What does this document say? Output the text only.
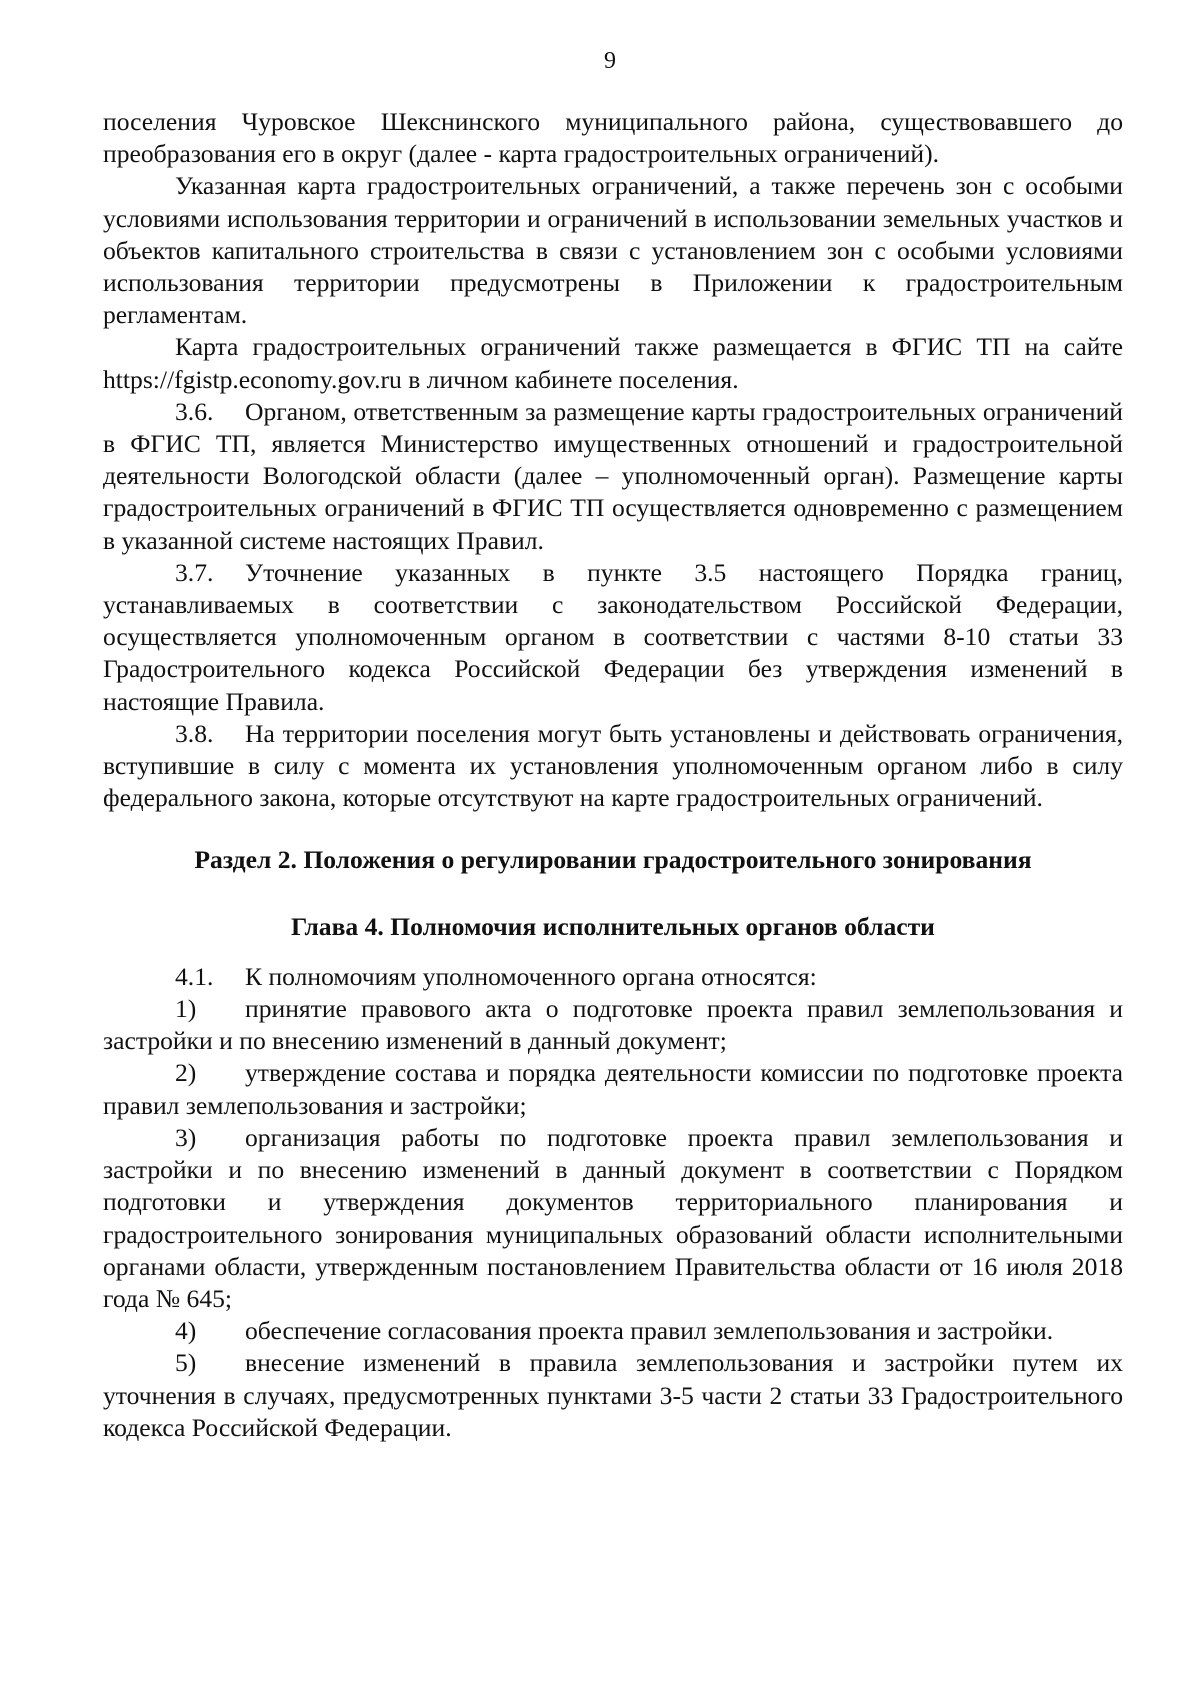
9

поселения Чуровское Шекснинского муниципального района, существовавшего до преобразования его в округ (далее - карта градостроительных ограничений).

Указанная карта градостроительных ограничений, а также перечень зон с особыми условиями использования территории и ограничений в использовании земельных участков и объектов капитального строительства в связи с установлением зон с особыми условиями использования территории предусмотрены в Приложении к градостроительным регламентам.

Карта градостроительных ограничений также размещается в ФГИС ТП на сайте https://fgistp.economy.gov.ru в личном кабинете поселения.

3.6. Органом, ответственным за размещение карты градостроительных ограничений в ФГИС ТП, является Министерство имущественных отношений и градостроительной деятельности Вологодской области (далее – уполномоченный орган). Размещение карты градостроительных ограничений в ФГИС ТП осуществляется одновременно с размещением в указанной системе настоящих Правил.

3.7. Уточнение указанных в пункте 3.5 настоящего Порядка границ, устанавливаемых в соответствии с законодательством Российской Федерации, осуществляется уполномоченным органом в соответствии с частями 8-10 статьи 33 Градостроительного кодекса Российской Федерации без утверждения изменений в настоящие Правила.

3.8. На территории поселения могут быть установлены и действовать ограничения, вступившие в силу с момента их установления уполномоченным органом либо в силу федерального закона, которые отсутствуют на карте градостроительных ограничений.

Раздел 2. Положения о регулировании градостроительного зонирования

Глава 4. Полномочия исполнительных органов области

4.1. К полномочиям уполномоченного органа относятся:

1) принятие правового акта о подготовке проекта правил землепользования и застройки и по внесению изменений в данный документ;

2) утверждение состава и порядка деятельности комиссии по подготовке проекта правил землепользования и застройки;

3) организация работы по подготовке проекта правил землепользования и застройки и по внесению изменений в данный документ в соответствии с Порядком подготовки и утверждения документов территориального планирования и градостроительного зонирования муниципальных образований области исполнительными органами области, утвержденным постановлением Правительства области от 16 июля 2018 года № 645;

4) обеспечение согласования проекта правил землепользования и застройки.

5) внесение изменений в правила землепользования и застройки путем их уточнения в случаях, предусмотренных пунктами 3-5 части 2 статьи 33 Градостроительного кодекса Российской Федерации.
